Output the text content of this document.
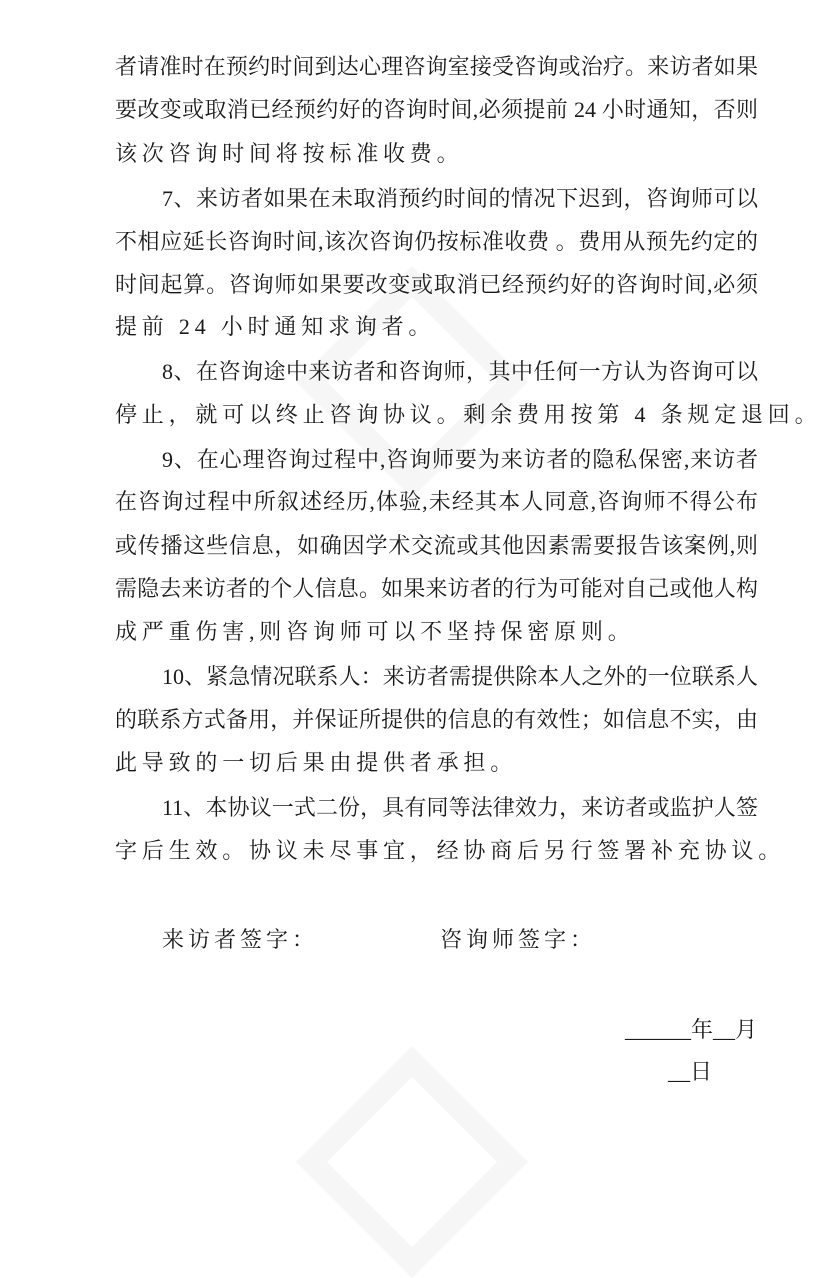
者请准时在预约时间到达心理咨询室接受咨询或治疗。来访者如果
要改变或取消已经预约好的咨询时间,必须提前 24 小时通知，否则
该次咨询时间将按标准收费。
7、来访者如果在未取消预约时间的情况下迟到，咨询师可以
不相应延长咨询时间,该次咨询仍按标准收费 。费用从预先约定的
时间起算。咨询师如果要改变或取消已经预约好的咨询时间,必须
提前 24 小时通知求询者。
8、在咨询途中来访者和咨询师，其中任何一方认为咨询可以
停止，就可以终止咨询协议。剩余费用按第 4 条规定退回。
9、在心理咨询过程中,咨询师要为来访者的隐私保密,来访者
在咨询过程中所叙述经历,体验,未经其本人同意,咨询师不得公布
或传播这些信息，如确因学术交流或其他因素需要报告该案例,则
需隐去来访者的个人信息。如果来访者的行为可能对自己或他人构
成严重伤害,则咨询师可以不坚持保密原则。
10、紧急情况联系人：来访者需提供除本人之外的一位联系人
的联系方式备用，并保证所提供的信息的有效性；如信息不实，由
此导致的一切后果由提供者承担。
11、本协议一式二份，具有同等法律效力，来访者或监护人签
字后生效。协议未尽事宜，经协商后另行签署补充协议。
来访者签字：	咨询师签字：
______年__月
__日
